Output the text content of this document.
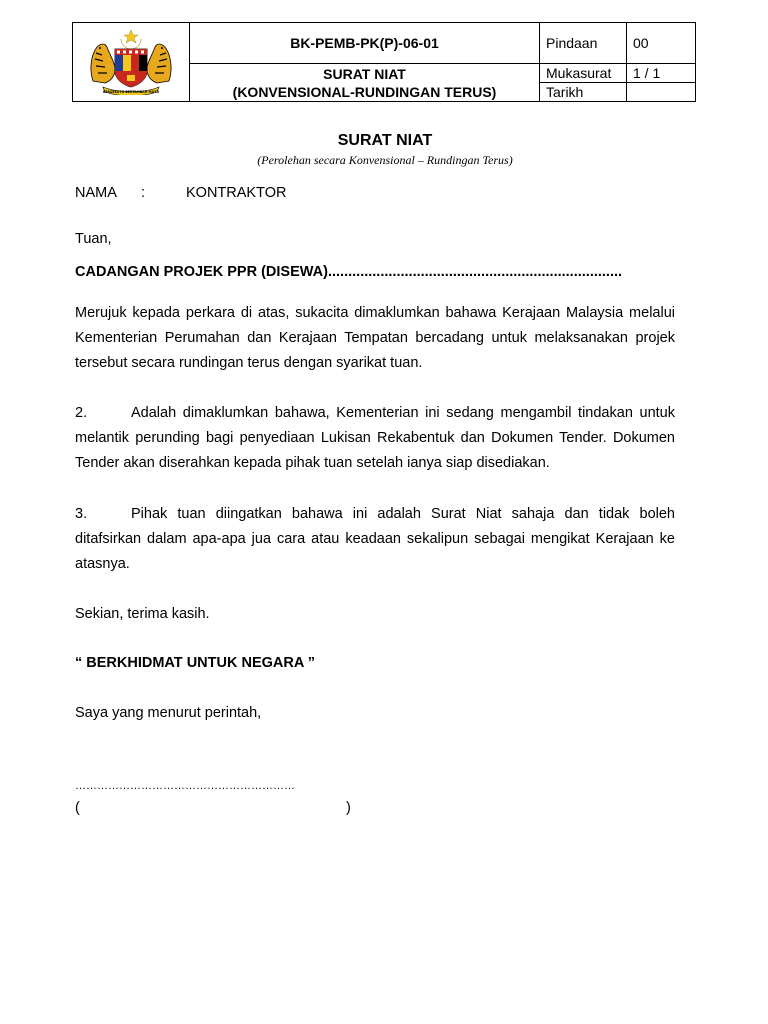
BERSEKUTU BERTAMBAH MUTU	BK-PEMB-PK(P)-06-01	Pindaan	00
	SURAT NIAT
(KONVENSIONAL-RUNDINGAN TERUS)	Mukasurat	1 / 1
		Tarikh	
SURAT NIAT
(Perolehan secara Konvensional – Rundingan Terus)
NAMA :	KONTRAKTOR
Tuan,
CADANGAN PROJEK PPR (DISEWA).........................................................................
Merujuk kepada perkara di atas, sukacita dimaklumkan bahawa Kerajaan Malaysia melalui Kementerian Perumahan dan Kerajaan Tempatan bercadang untuk melaksanakan projek tersebut secara rundingan terus dengan syarikat tuan.
2.	Adalah dimaklumkan bahawa, Kementerian ini sedang mengambil tindakan untuk melantik perunding bagi penyediaan Lukisan Rekabentuk dan Dokumen Tender. Dokumen Tender akan diserahkan kepada pihak tuan setelah ianya siap disediakan.
3.	Pihak tuan diingatkan bahawa ini adalah Surat Niat sahaja dan tidak boleh ditafsirkan dalam apa-apa jua cara atau keadaan sekalipun sebagai mengikat Kerajaan ke atasnya.
Sekian, terima kasih.
“ BERKHIDMAT UNTUK NEGARA ”
Saya yang menurut perintah,
……………………………………………………
(	)
